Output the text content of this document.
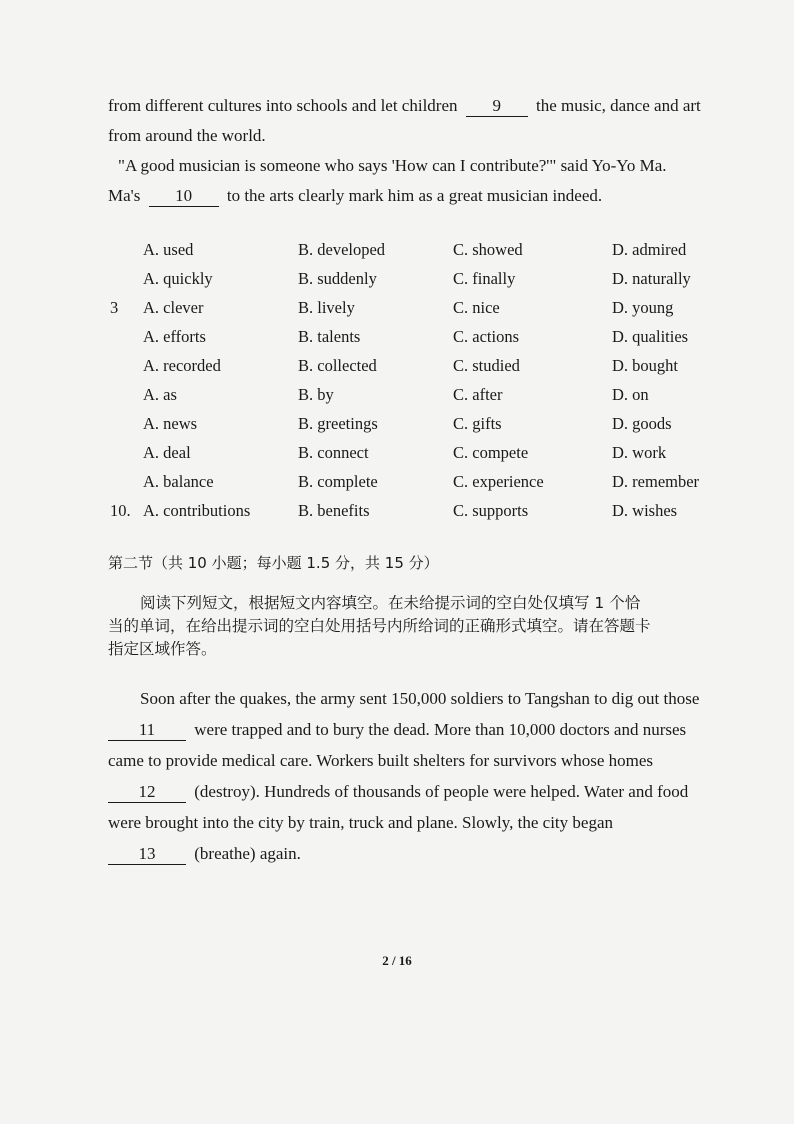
from different cultures into schools and let children 9 the music, dance and art
from around the world.
"A good musician is someone who says 'How can I contribute?'" said Yo-Yo Ma.
Ma's 10 to the arts clearly mark him as a great musician indeed.
A. used	B. developed	C. showed	D. admired
A. quickly	B. suddenly	C. finally	D. naturally
3 A. clever	B. lively	C. nice	D. young
A. efforts	B. talents	C. actions	D. qualities
A. recorded	B. collected	C. studied	D. bought
A. as	B. by	C. after	D. on
A. news	B. greetings	C. gifts	D. goods
A. deal	B. connect	C. compete	D. work
A. balance	B. complete	C. experience	D. remember
10. A. contributions	B. benefits	C. supports	D. wishes
第二节（共 10 小题；每小题 1.5 分，共 15 分）
阅读下列短文，根据短文内容填空。在未给提示词的空白处仅填写 1 个恰
当的单词，在给出提示词的空白处用括号内所给词的正确形式填空。请在答题卡
指定区域作答。
Soon after the quakes, the army sent 150,000 soldiers to Tangshan to dig out those
11 were trapped and to bury the dead. More than 10,000 doctors and nurses
came to provide medical care. Workers built shelters for survivors whose homes
12 (destroy). Hundreds of thousands of people were helped. Water and food
were brought into the city by train, truck and plane. Slowly, the city began
13 (breathe) again.
2 / 16
